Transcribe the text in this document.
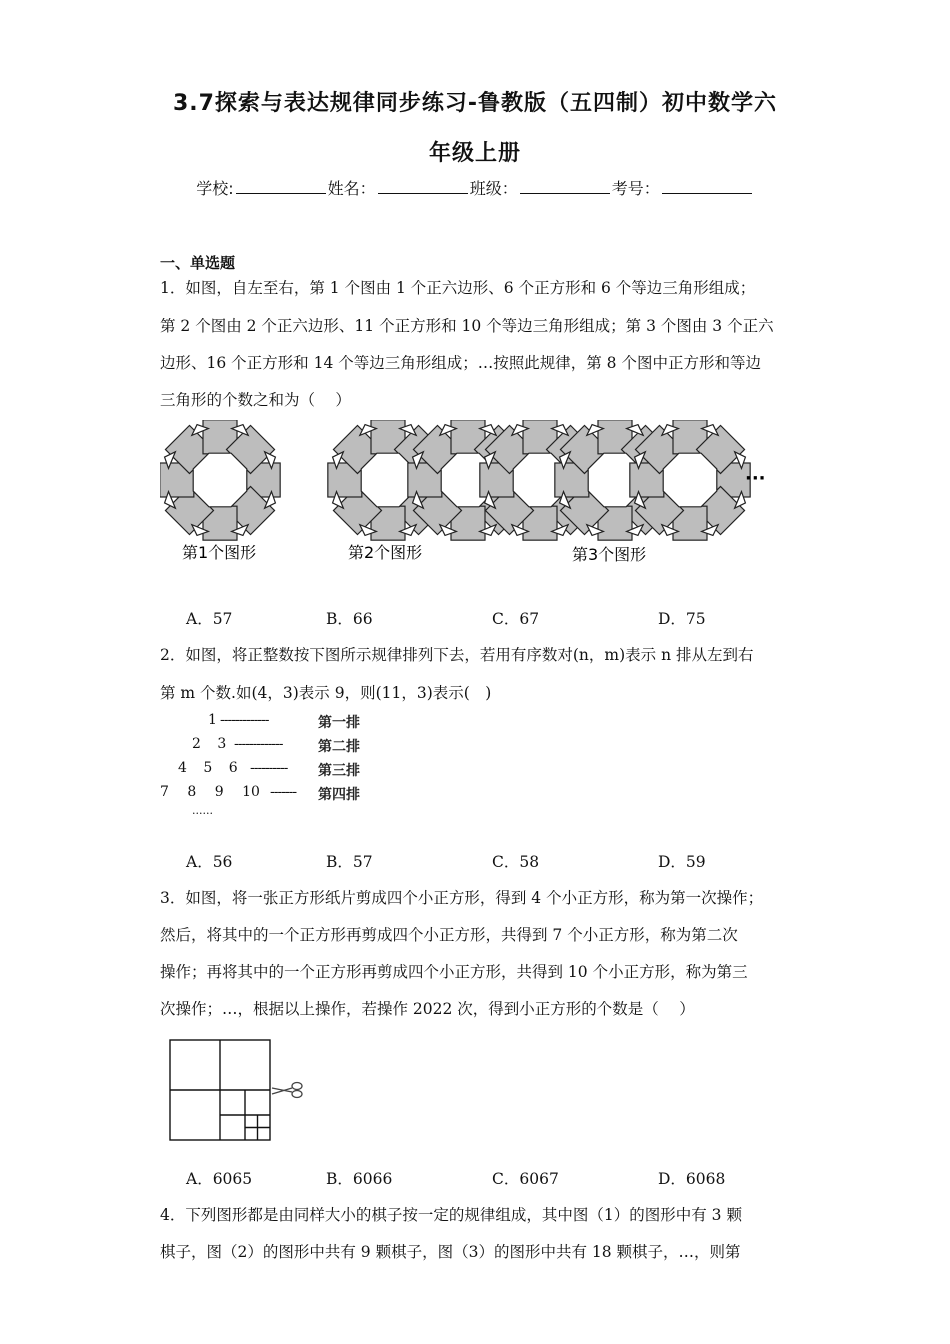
3.7探索与表达规律同步练习-鲁教版（五四制）初中数学六
年级上册
学校:	姓名：	班级：	考号：
一、单选题
1．如图，自左至右，第 1 个图由 1 个正六边形、6 个正方形和 6 个等边三角形组成；
第 2 个图由 2 个正六边形、11 个正方形和 10 个等边三角形组成；第 3 个图由 3 个正六
边形、16 个正方形和 14 个等边三角形组成；…按照此规律，第 8 个图中正方形和等边
三角形的个数之和为（　 ）
···
第1个图形	第2个图形	第3个图形
A．57	B．66	C．67	D．75
2．如图，将正整数按下图所示规律排列下去，若用有序数对(n，m)表示 n 排从左到右
第 m 个数.如(4，3)表示 9，则(11，3)表示(　)
1 -------------	第一排
2 3 -------------	第二排
4 5 6 ---------- 第三排
7 8 9 10 ------- 第四排
......
A．56	B．57	C．58	D．59
3．如图，将一张正方形纸片剪成四个小正方形，得到 4 个小正方形，称为第一次操作；
然后，将其中的一个正方形再剪成四个小正方形，共得到 7 个小正方形，称为第二次
操作；再将其中的一个正方形再剪成四个小正方形，共得到 10 个小正方形，称为第三
次操作；…，根据以上操作，若操作 2022 次，得到小正方形的个数是（　 ）
A．6065	B．6066	C．6067	D．6068
4．下列图形都是由同样大小的棋子按一定的规律组成，其中图（1）的图形中有 3 颗
棋子，图（2）的图形中共有 9 颗棋子，图（3）的图形中共有 18 颗棋子，…，则第
